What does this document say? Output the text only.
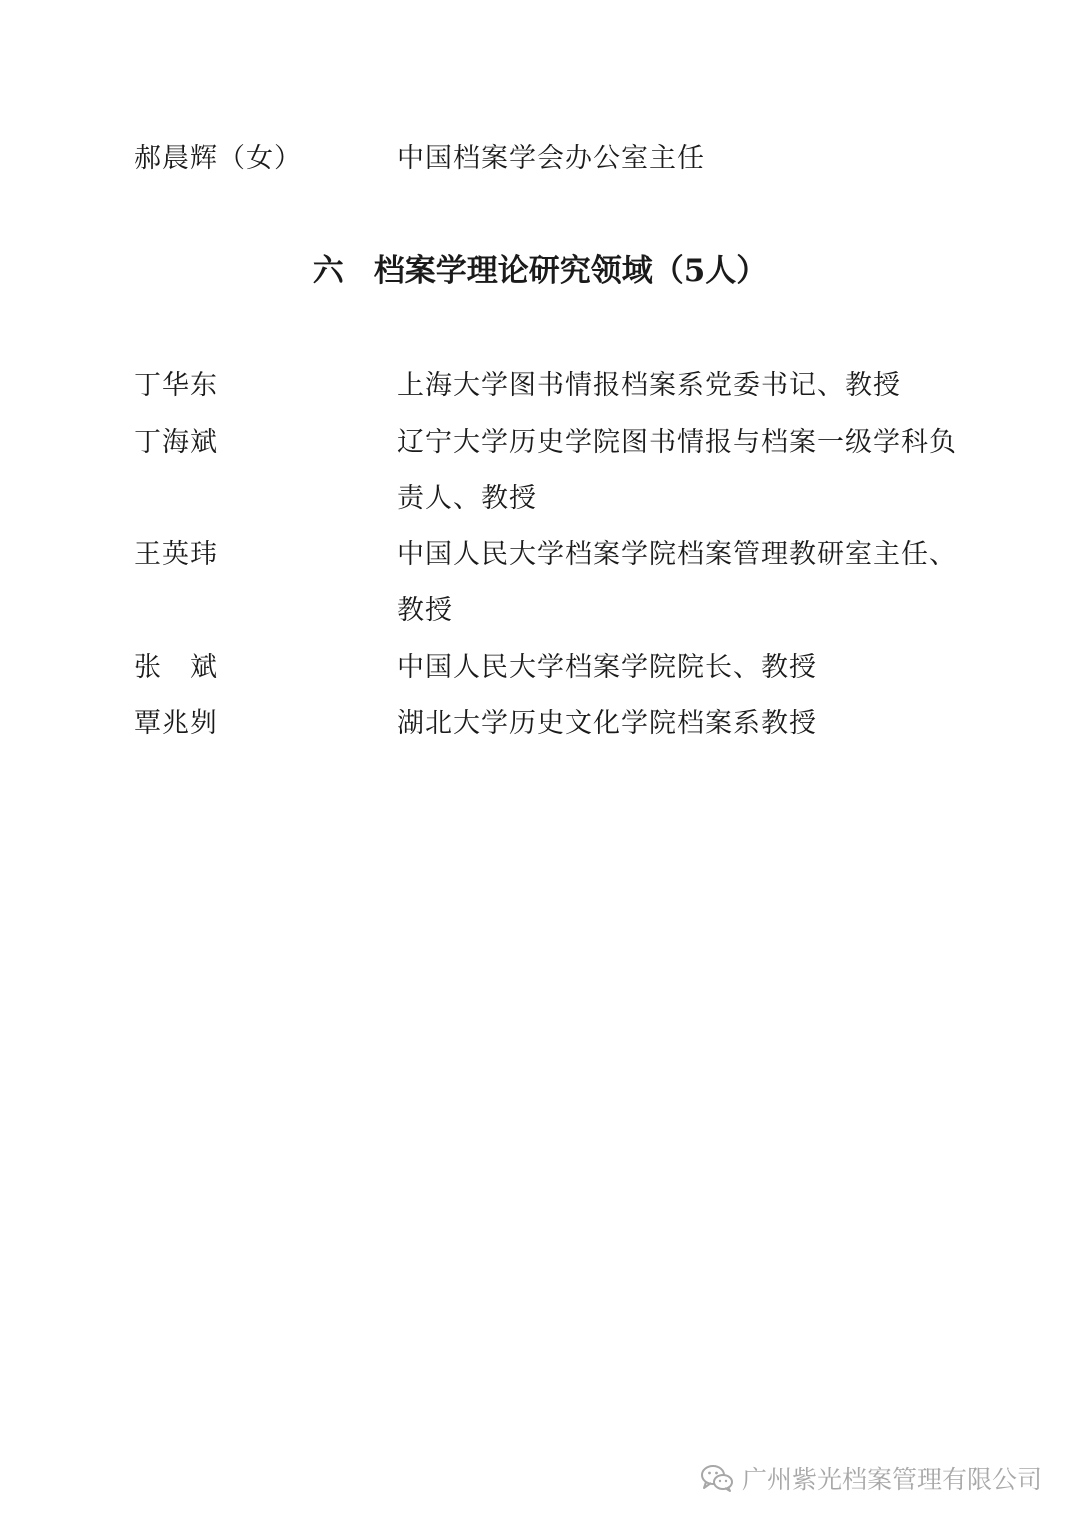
郝晨辉（女）	中国档案学会办公室主任
六 档案学理论研究领域（5人）
丁华东	上海大学图书情报档案系党委书记、教授
丁海斌	辽宁大学历史学院图书情报与档案一级学科负责人、教授
王英玮	中国人民大学档案学院档案管理教研室主任、教授
张　斌	中国人民大学档案学院院长、教授
覃兆刿	湖北大学历史文化学院档案系教授
广州紫光档案管理有限公司
